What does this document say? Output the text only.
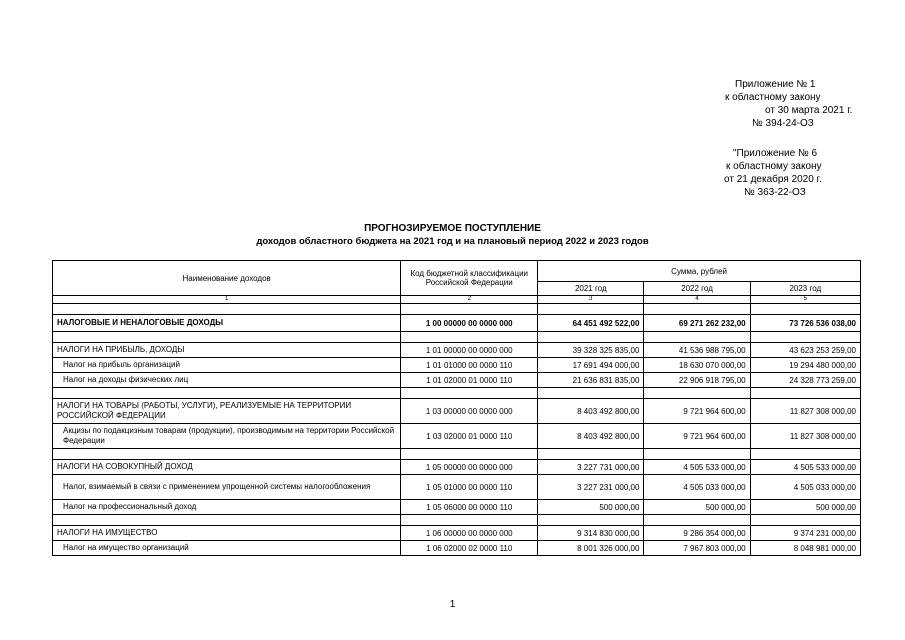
Приложение № 1
к областному закону
от 30 марта 2021 г.
№ 394-24-ОЗ
"Приложение № 6
к областному закону
от 21 декабря 2020 г.
№ 363-22-ОЗ
ПРОГНОЗИРУЕМОЕ ПОСТУПЛЕНИЕ
доходов областного бюджета на 2021 год и на плановый период 2022 и 2023 годов
Наименование доходов	Код бюджетной классификации Российской Федерации	Сумма, рублей		
		2021 год	2022 год	2023 год
1	2	3	4	5

НАЛОГОВЫЕ И НЕНАЛОГОВЫЕ ДОХОДЫ	1 00 00000 00 0000 000	64 451 492 522,00	69 271 262 232,00	73 726 536 038,00

НАЛОГИ НА ПРИБЫЛЬ, ДОХОДЫ	1 01 00000 00 0000 000	39 328 325 835,00	41 536 988 795,00	43 623 253 259,00
Налог на прибыль организаций	1 01 01000 00 0000 110	17 691 494 000,00	18 630 070 000,00	19 294 480 000,00
Налог на доходы физических лиц	1 01 02000 01 0000 110	21 636 831 835,00	22 906 918 795,00	24 328 773 259,00

НАЛОГИ НА ТОВАРЫ (РАБОТЫ, УСЛУГИ), РЕАЛИЗУЕМЫЕ НА ТЕРРИТОРИИ РОССИЙСКОЙ ФЕДЕРАЦИИ	1 03 00000 00 0000 000	8 403 492 800,00	9 721 964 600,00	11 827 308 000,00
Акцизы по подакцизным товарам (продукции), производимым на территории Российской Федерации	1 03 02000 01 0000 110	8 403 492 800,00	9 721 964 600,00	11 827 308 000,00

НАЛОГИ НА СОВОКУПНЫЙ ДОХОД	1 05 00000 00 0000 000	3 227 731 000,00	4 505 533 000,00	4 505 533 000,00
Налог, взимаемый в связи с применением упрощенной системы налогообложения	1 05 01000 00 0000 110	3 227 231 000,00	4 505 033 000,00	4 505 033 000,00
Налог на профессиональный доход	1 05 06000 00 0000 110	500 000,00	500 000,00	500 000,00

НАЛОГИ НА ИМУЩЕСТВО	1 06 00000 00 0000 000	9 314 830 000,00	9 286 354 000,00	9 374 231 000,00
Налог на имущество организаций	1 06 02000 02 0000 110	8 001 326 000,00	7 967 803 000,00	8 048 981 000,00
1
